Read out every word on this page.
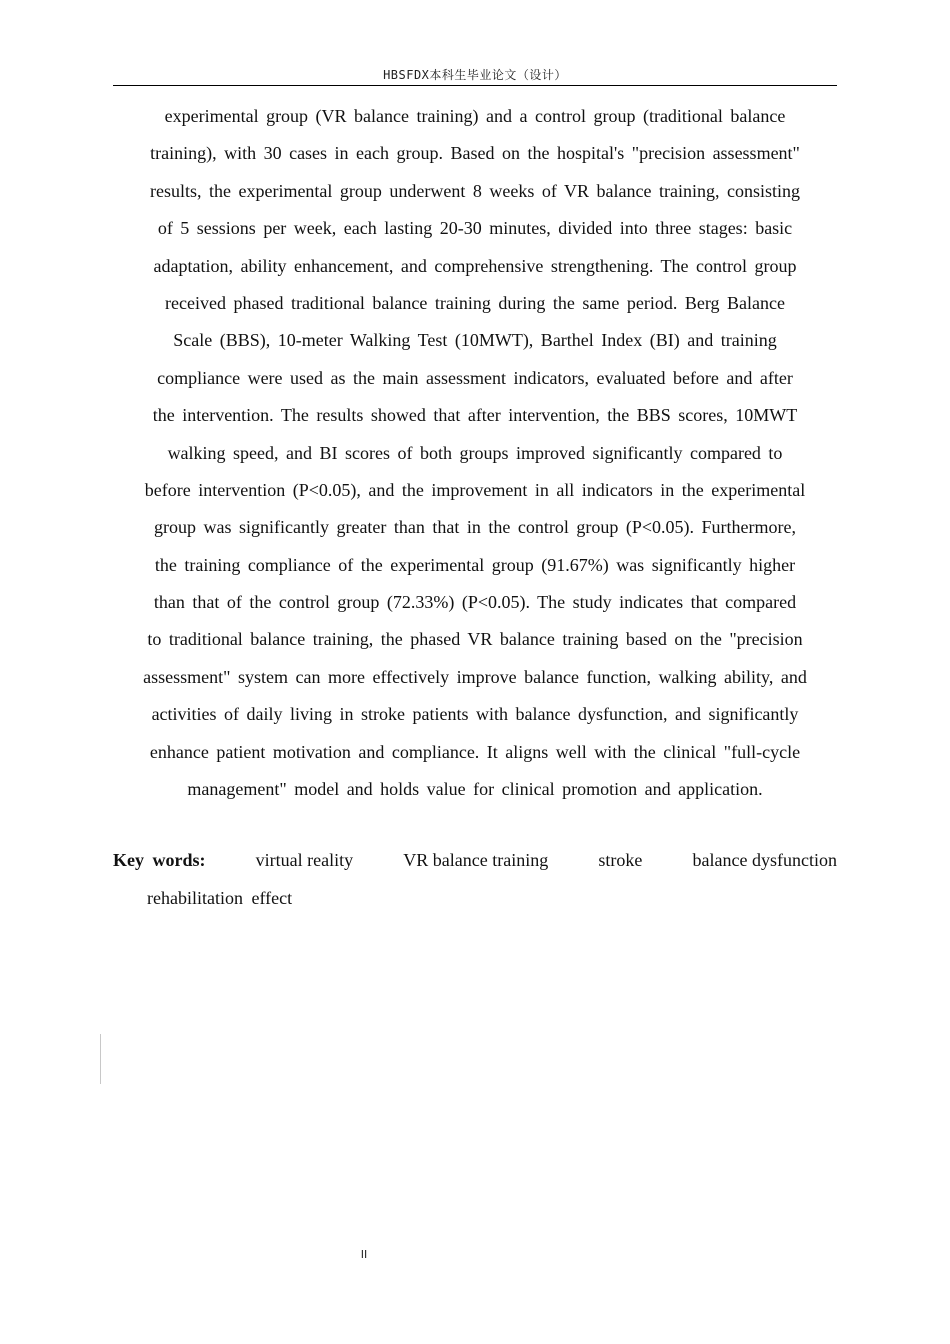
HBSFDX本科生毕业论文（设计）
experimental group (VR balance training) and a control group (traditional balance
training), with 30 cases in each group. Based on the hospital's "precision assessment"
results, the experimental group underwent 8 weeks of VR balance training, consisting
of 5 sessions per week, each lasting 20-30 minutes, divided into three stages: basic
adaptation, ability enhancement, and comprehensive strengthening. The control group
received phased traditional balance training during the same period. Berg Balance
Scale (BBS), 10-meter Walking Test (10MWT), Barthel Index (BI) and training
compliance were used as the main assessment indicators, evaluated before and after
the intervention. The results showed that after intervention, the BBS scores, 10MWT
walking speed, and BI scores of both groups improved significantly compared to
before intervention (P<0.05), and the improvement in all indicators in the experimental
group was significantly greater than that in the control group (P<0.05). Furthermore,
the training compliance of the experimental group (91.67%) was significantly higher
than that of the control group (72.33%) (P<0.05). The study indicates that compared
to traditional balance training, the phased VR balance training based on the "precision
assessment" system can more effectively improve balance function, walking ability, and
activities of daily living in stroke patients with balance dysfunction, and significantly
enhance patient motivation and compliance. It aligns well with the clinical "full-cycle
management" model and holds value for clinical promotion and application.
Key words:	virtual reality	VR balance training	stroke	balance dysfunction
rehabilitation effect
II
